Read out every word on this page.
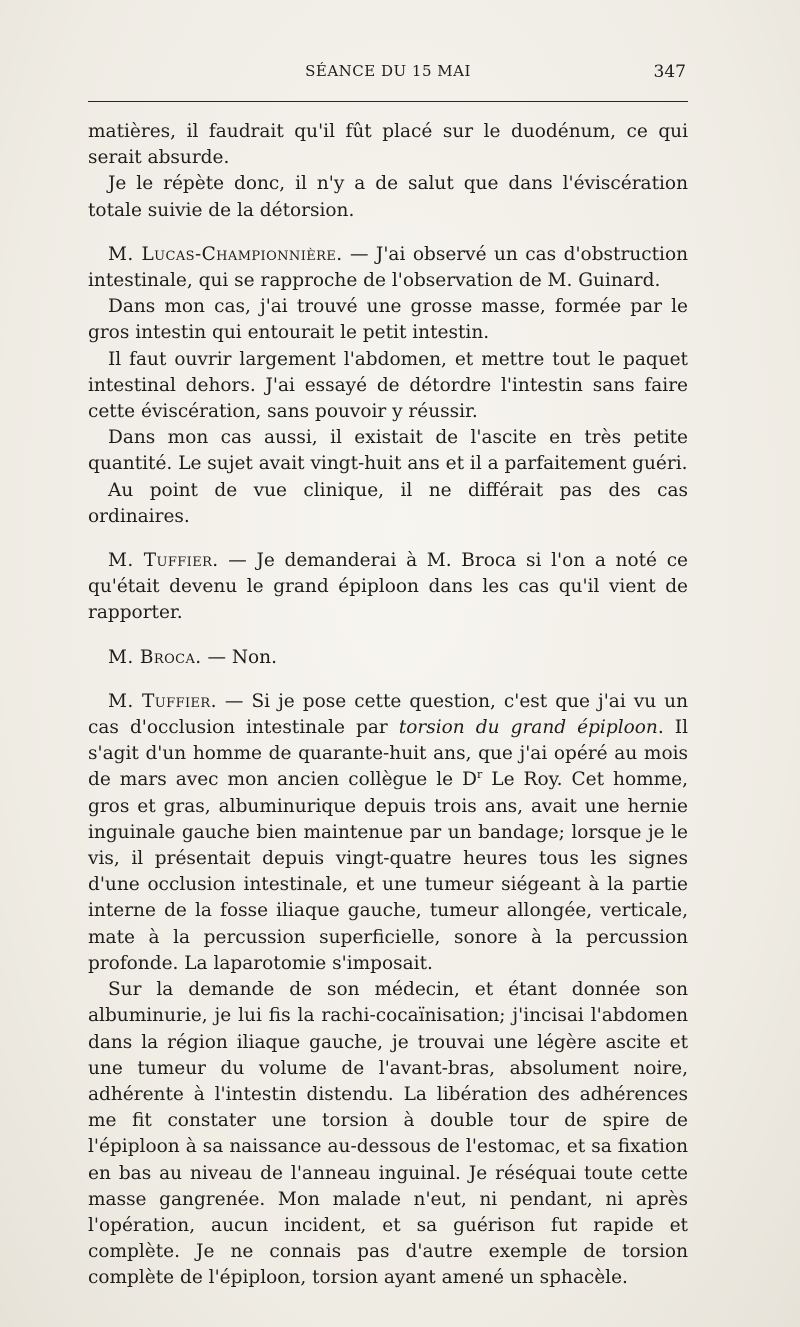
SÉANCE DU 15 MAI	347

matières, il faudrait qu'il fût placé sur le duodénum, ce qui serait absurde.

Je le répète donc, il n'y a de salut que dans l'éviscération totale suivie de la détorsion.

M. Lucas-Championnière. — J'ai observé un cas d'obstruction intestinale, qui se rapproche de l'observation de M. Guinard.

Dans mon cas, j'ai trouvé une grosse masse, formée par le gros intestin qui entourait le petit intestin.

Il faut ouvrir largement l'abdomen, et mettre tout le paquet intestinal dehors. J'ai essayé de détordre l'intestin sans faire cette éviscération, sans pouvoir y réussir.

Dans mon cas aussi, il existait de l'ascite en très petite quantité. Le sujet avait vingt-huit ans et il a parfaitement guéri.

Au point de vue clinique, il ne différait pas des cas ordinaires.

M. Tuffier. — Je demanderai à M. Broca si l'on a noté ce qu'était devenu le grand épiploon dans les cas qu'il vient de rapporter.

M. Broca. — Non.

M. Tuffier. — Si je pose cette question, c'est que j'ai vu un cas d'occlusion intestinale par torsion du grand épiploon. Il s'agit d'un homme de quarante-huit ans, que j'ai opéré au mois de mars avec mon ancien collègue le $D^r$ Le Roy. Cet homme, gros et gras, albuminurique depuis trois ans, avait une hernie inguinale gauche bien maintenue par un bandage; lorsque je le vis, il présentait depuis vingt-quatre heures tous les signes d'une occlusion intestinale, et une tumeur siégeant à la partie interne de la fosse iliaque gauche, tumeur allongée, verticale, mate à la percussion superficielle, sonore à la percussion profonde. La laparotomie s'imposait.

Sur la demande de son médecin, et étant donnée son albuminurie, je lui fis la rachi-cocaïnisation; j'incisai l'abdomen dans la région iliaque gauche, je trouvai une légère ascite et une tumeur du volume de l'avant-bras, absolument noire, adhérente à l'intestin distendu. La libération des adhérences me fit constater une torsion à double tour de spire de l'épiploon à sa naissance au-dessous de l'estomac, et sa fixation en bas au niveau de l'anneau inguinal. Je réséquai toute cette masse gangrenée. Mon malade n'eut, ni pendant, ni après l'opération, aucun incident, et sa guérison fut rapide et complète. Je ne connais pas d'autre exemple de torsion complète de l'épiploon, torsion ayant amené un sphacèle.
